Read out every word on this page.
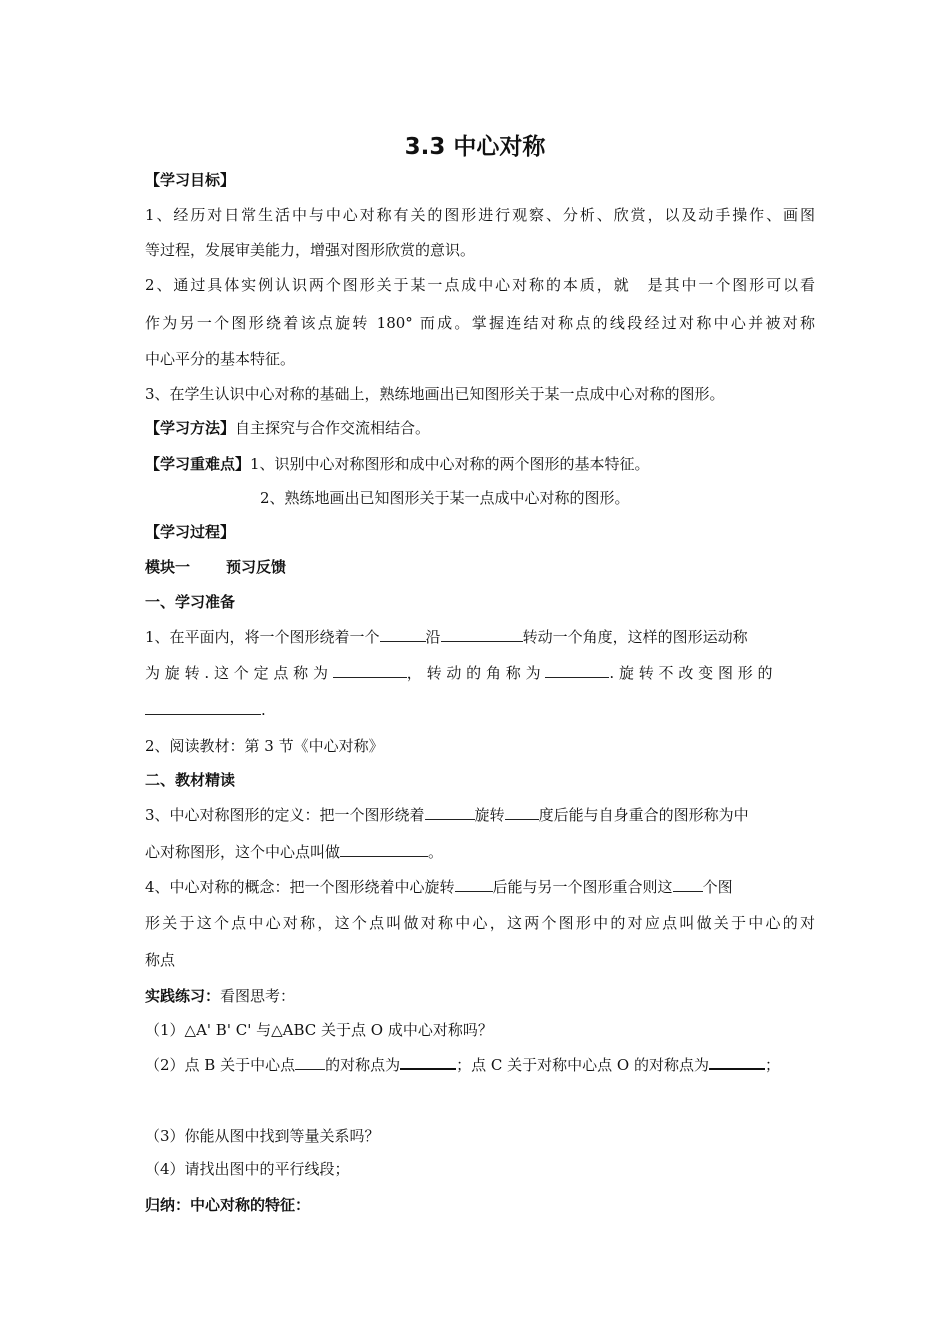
3.3 中心对称
【学习目标】
1、经历对日常生活中与中心对称有关的图形进行观察、分析、欣赏，以及动手操作、画图
等过程，发展审美能力，增强对图形欣赏的意识。
2、通过具体实例认识两个图形关于某一点成中心对称的本质，就　是其中一个图形可以看
作为另一个图形绕着该点旋转 180° 而成。掌握连结对称点的线段经过对称中心并被对称
中心平分的基本特征。
3、在学生认识中心对称的基础上，熟练地画出已知图形关于某一点成中心对称的图形。
【学习方法】自主探究与合作交流相结合。
【学习重难点】1、识别中心对称图形和成中心对称的两个图形的基本特征。
2、熟练地画出已知图形关于某一点成中心对称的图形。
【学习过程】
模块一 预习反馈
一、学习准备
1、在平面内，将一个图形绕着一个	沿	转动一个角度，这样的图形运动称
为旋转.这个定点称为	，转动的角称为	.旋转不改变图形的
.
2、阅读教材：第 3 节《中心对称》
二、教材精读
3、中心对称图形的定义：把一个图形绕着	旋转 度后能与自身重合的图形称为中
心对称图形，这个中心点叫做	。
4、中心对称的概念：把一个图形绕着中心旋转	后能与另一个图形重合则这 个图
形关于这个点中心对称，这个点叫做对称中心，这两个图形中的对应点叫做关于中心的对
称点
实践练习：看图思考：
（1）△A' B' C' 与△ABC 关于点 O 成中心对称吗？
（2）点 B 关于中心点 的对称点为	；点 C 关于对称中心点 O 的对称点为	；
（3）你能从图中找到等量关系吗？
（4）请找出图中的平行线段；
归纳：中心对称的特征：
